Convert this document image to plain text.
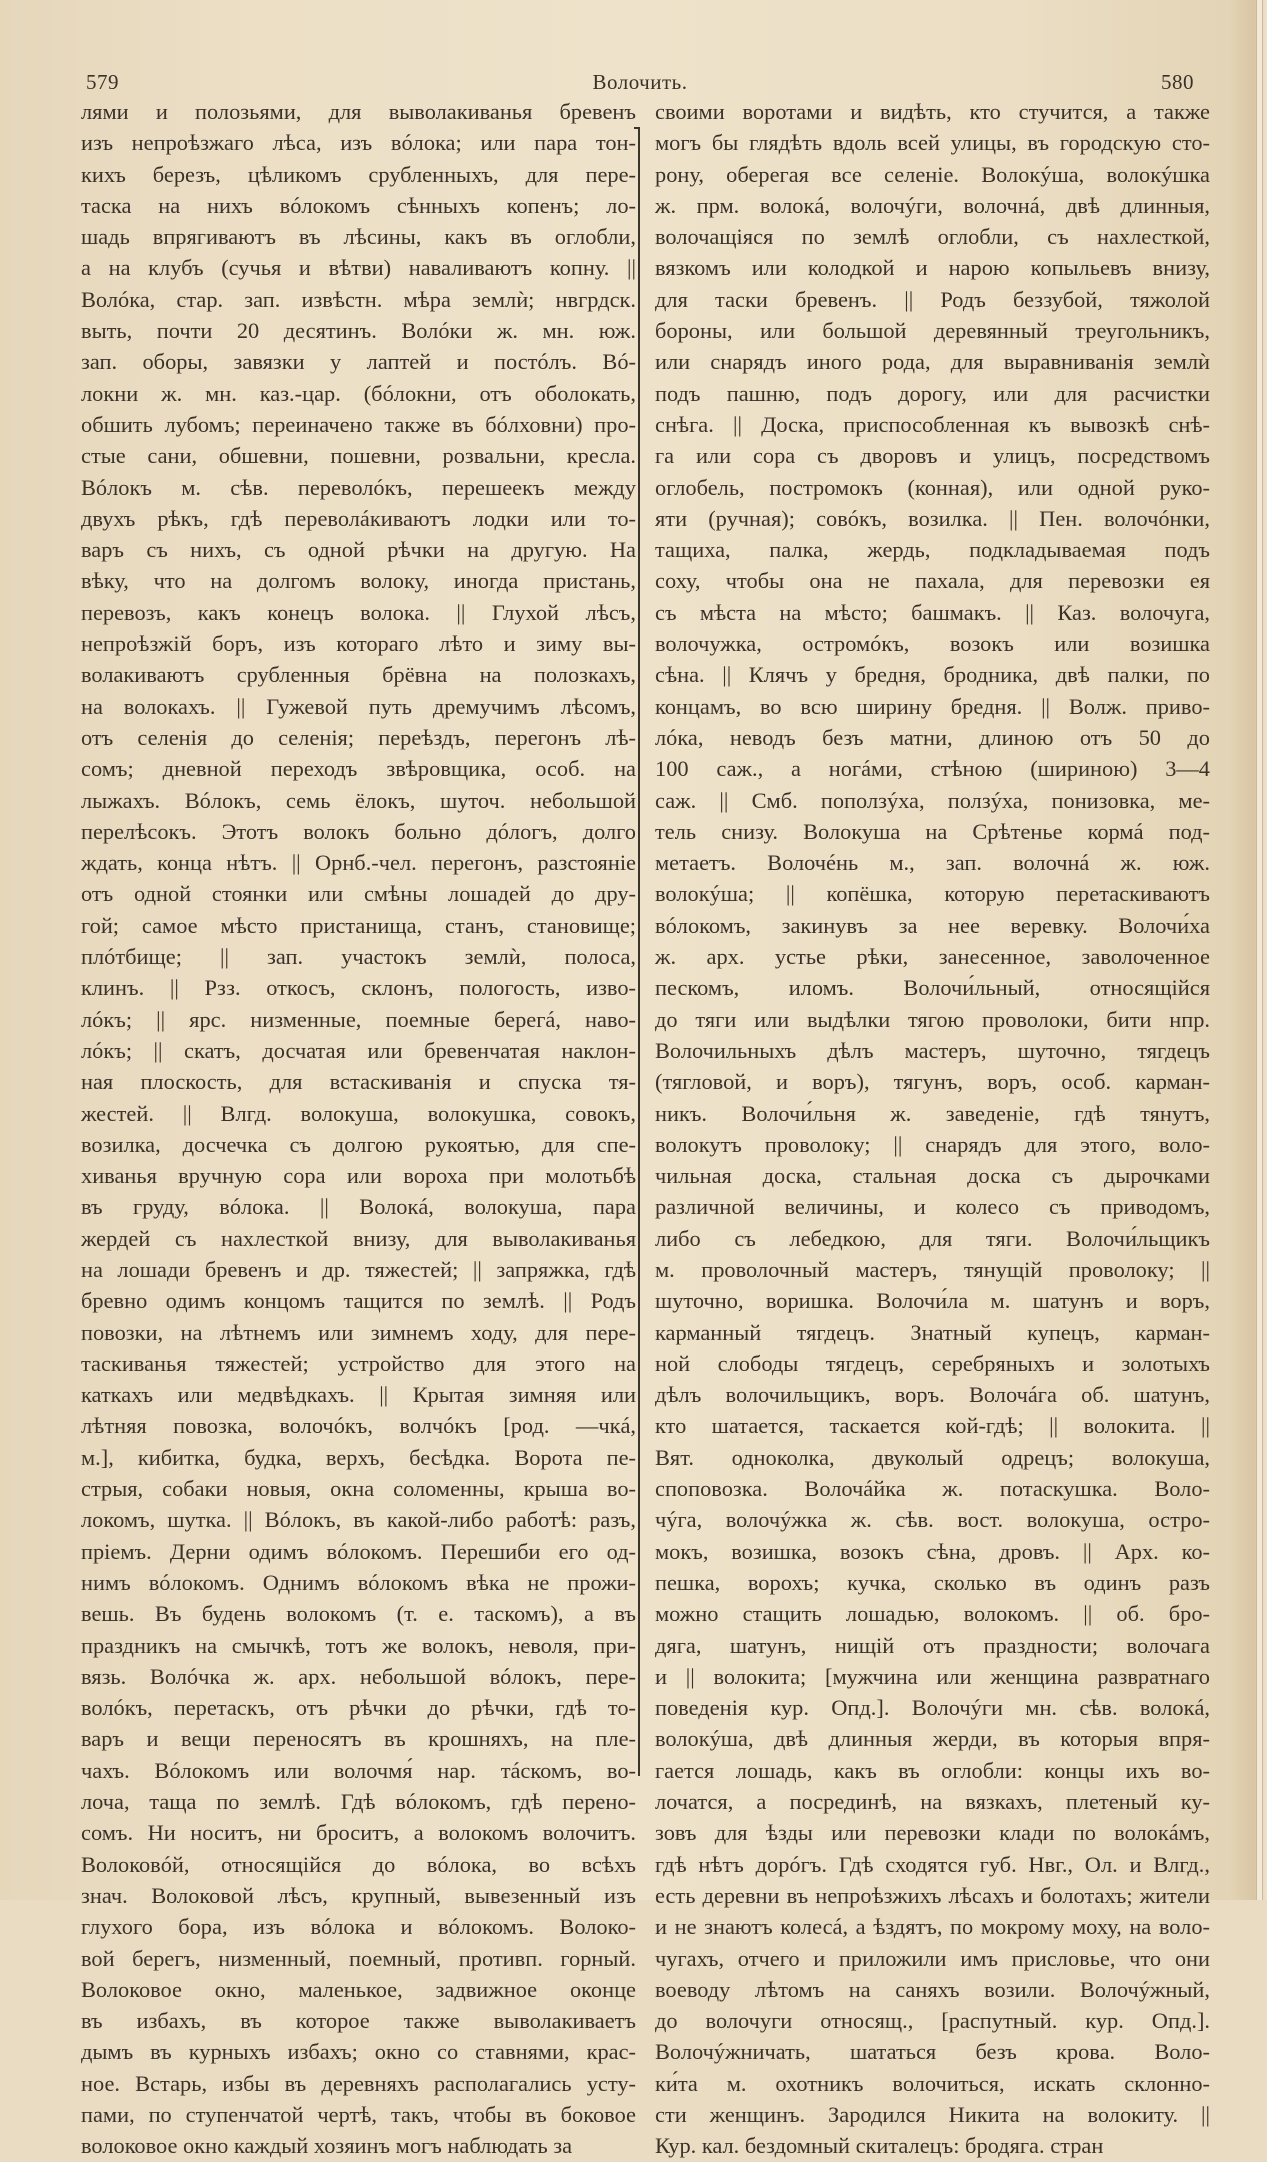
579	Волочить.	580
лями и полозьями, для выволакиванья бревенъ
изъ непроѣзжаго лѣса, изъ вóлока; или пара тон-
кихъ березъ, цѣликомъ срубленныхъ, для пере-
таска на нихъ вóлокомъ сѣнныхъ копенъ; ло-
шадь впрягиваютъ въ лѣсины, какъ въ оглобли,
а на клубъ (сучья и вѣтви) наваливаютъ копну. ||
Волóка, стар. зап. извѣстн. мѣра землѝ; нвгрдск.
выть, почти 20 десятинъ. Волóки ж. мн. юж.
зап. оборы, завязки у лаптей и постóлъ. Вó-
локни ж. мн. каз.-цар. (бóлокни, отъ оболокать,
обшить лубомъ; переиначено также въ бóлховни) про-
стые сани, обшевни, пошевни, розвальни, кресла.
Вóлокъ м. сѣв. переволóкъ, перешеекъ между
двухъ рѣкъ, гдѣ переволáкиваютъ лодки или то-
варъ съ нихъ, съ одной рѣчки на другую. На
вѣку, что на долгомъ волоку, иногда пристань,
перевозъ, какъ конецъ волока. || Глухой лѣсъ,
непроѣзжій боръ, изъ котораго лѣто и зиму вы-
волакиваютъ срубленныя брёвна на полозкахъ,
на волокахъ. || Гужевой путь дремучимъ лѣсомъ,
отъ селенія до селенія; переѣздъ, перегонъ лѣ-
сомъ; дневной переходъ звѣровщика, особ. на
лыжахъ. Вóлокъ, семь ёлокъ, шуточ. небольшой
перелѣсокъ. Этотъ волокъ больно дóлогъ, долго
ждать, конца нѣтъ. || Орнб.-чел. перегонъ, разстояніе
отъ одной стоянки или смѣны лошадей до дру-
гой; самое мѣсто пристанища, станъ, становище;
плóтбище; || зап. участокъ землѝ, полоса,
клинъ. || Рзз. откосъ, склонъ, пологость, изво-
лóкъ; || ярс. низменные, поемные берегá, наво-
лóкъ; || скатъ, досчатая или бревенчатая наклон-
ная плоскость, для встаскиванія и спуска тя-
жестей. || Влгд. волокуша, волокушка, совокъ,
возилка, досчечка съ долгою рукоятью, для спе-
хиванья вручную сора или вороха при молотьбѣ
въ груду, вóлока. || Волокá, волокуша, пара
жердей съ нахлесткой внизу, для выволакиванья
на лошади бревенъ и др. тяжестей; || запряжка, гдѣ
бревно одимъ концомъ тащится по землѣ. || Родъ
повозки, на лѣтнемъ или зимнемъ ходу, для пере-
таскиванья тяжестей; устройство для этого на
каткахъ или медвѣдкахъ. || Крытая зимняя или
лѣтняя повозка, волочóкъ, волчóкъ [род. —чкá,
м.], кибитка, будка, верхъ, бесѣдка. Ворота пе-
стрыя, собаки новыя, окна соломенны, крыша во-
локомъ, шутка. || Вóлокъ, въ какой-либо работѣ: разъ,
пріемъ. Дерни одимъ вóлокомъ. Перешиби его од-
нимъ вóлокомъ. Однимъ вóлокомъ вѣка не прожи-
вешь. Въ будень волокомъ (т. е. таскомъ), а въ
праздникъ на смычкѣ, тотъ же волокъ, неволя, при-
вязь. Волóчка ж. арх. небольшой вóлокъ, пере-
волóкъ, перетаскъ, отъ рѣчки до рѣчки, гдѣ то-
варъ и вещи переносятъ въ крошняхъ, на пле-
чахъ. Вóлокомъ или волочмя́ нар. тáскомъ, во-
лоча, таща по землѣ. Гдѣ вóлокомъ, гдѣ перено-
сомъ. Ни носитъ, ни броситъ, а волокомъ волочитъ.
Волоковóй, относящійся до вóлока, во всѣхъ
знач. Волоковой лѣсъ, крупный, вывезенный изъ
глухого бора, изъ вóлока и вóлокомъ. Волоко-
вой берегъ, низменный, поемный, противп. горный.
Волоковое окно, маленькое, задвижное оконце
въ избахъ, въ которое также выволакиваетъ
дымъ въ курныхъ избахъ; окно со ставнями, крас-
ное. Встарь, избы въ деревняхъ располагались усту-
пами, по ступенчатой чертѣ, такъ, чтобы въ боковое
волоковое окно каждый хозяинъ могъ наблюдать за
своими воротами и видѣть, кто стучится, а также
могъ бы глядѣть вдоль всей улицы, въ городскую сто-
рону, оберегая все селеніе. Волокýша, волокýшка
ж. прм. волокá, волочýги, волочнá, двѣ длинныя,
волочащіяся по землѣ оглобли, съ нахлесткой,
вязкомъ или колодкой и нарою копыльевъ внизу,
для таски бревенъ. || Родъ беззубой, тяжолой
бороны, или большой деревянный треугольникъ,
или снарядъ иного рода, для выравниванія землѝ
подъ пашню, подъ дорогу, или для расчистки
снѣга. || Доска, приспособленная къ вывозкѣ снѣ-
га или сора съ дворовъ и улицъ, посредствомъ
оглобель, постромокъ (конная), или одной руко-
яти (ручная); совóкъ, возилка. || Пен. волочóнки,
тащиха, палка, жердь, подкладываемая подъ
соху, чтобы она не пахала, для перевозки ея
съ мѣста на мѣсто; башмакъ. || Каз. волочуга,
волочужка, остромóкъ, возокъ или возишка
сѣна. || Клячъ у бредня, бродника, двѣ палки, по
концамъ, во всю ширину бредня. || Волж. приво-
лóка, неводъ безъ матни, длиною отъ 50 до
100 саж., а ногáми, стѣною (шириною) 3—4
саж. || Смб. поползýха, ползýха, понизовка, ме-
тель снизу. Волокуша на Срѣтенье кормá под-
метаетъ. Волочéнь м., зап. волочнá ж. юж.
волокýша; || копёшка, которую перетаскиваютъ
вóлокомъ, закинувъ за нее веревку. Волочи́ха
ж. арх. устье рѣки, занесенное, заволоченное
пескомъ, иломъ. Волочи́льный, относящійся
до тяги или выдѣлки тягою проволоки, бити нпр.
Волочильныхъ дѣлъ мастеръ, шуточно, тягдецъ
(тягловой, и воръ), тягунъ, воръ, особ. карман-
никъ. Волочи́льня ж. заведеніе, гдѣ тянутъ,
волокутъ проволоку; || снарядъ для этого, воло-
чильная доска, стальная доска съ дырочками
различной величины, и колесо съ приводомъ,
либо съ лебедкою, для тяги. Волочи́льщикъ
м. проволочный мастеръ, тянущій проволоку; ||
шуточно, воришка. Волочи́ла м. шатунъ и воръ,
карманный тягдецъ. Знатный купецъ, карман-
ной слободы тягдецъ, серебряныхъ и золотыхъ
дѣлъ волочильщикъ, воръ. Волочáга об. шатунъ,
кто шатается, таскается кой-гдѣ; || волокита. ||
Вят. одноколка, двуколый одрецъ; волокуша,
споповозка. Волочáйка ж. потаскушка. Воло-
чýга, волочýжка ж. сѣв. вост. волокуша, остро-
мокъ, возишка, возокъ сѣна, дровъ. || Арх. ко-
пешка, ворохъ; кучка, сколько въ одинъ разъ
можно стащить лошадью, волокомъ. || об. бро-
дяга, шатунъ, нищій отъ праздности; волочага
и || волокита; [мужчина или женщина развратнаго
поведенія кур. Опд.]. Волочýги мн. сѣв. волокá,
волокýша, двѣ длинныя жерди, въ которыя впря-
гается лошадь, какъ въ оглобли: концы ихъ во-
лочатся, а посрединѣ, на вязкахъ, плетеный ку-
зовъ для ѣзды или перевозки клади по волокáмъ,
гдѣ нѣтъ дорóгъ. Гдѣ сходятся губ. Нвг., Ол. и Влгд.,
есть деревни въ непроѣзжихъ лѣсахъ и болотахъ; жители
и не знаютъ колесá, а ѣздятъ, по мокрому моху, на воло-
чугахъ, отчего и приложили имъ присловье, что они
воеводу лѣтомъ на саняхъ возили. Волочýжный,
до волочуги относящ., [распутный. кур. Опд.].
Волочýжничать, шататься безъ крова. Воло-
ки́та м. охотникъ волочиться, искать склонно-
сти женщинъ. Зародился Никита на волокиту. ||
Кур. кал. бездомный скиталецъ: бродяга. стран
